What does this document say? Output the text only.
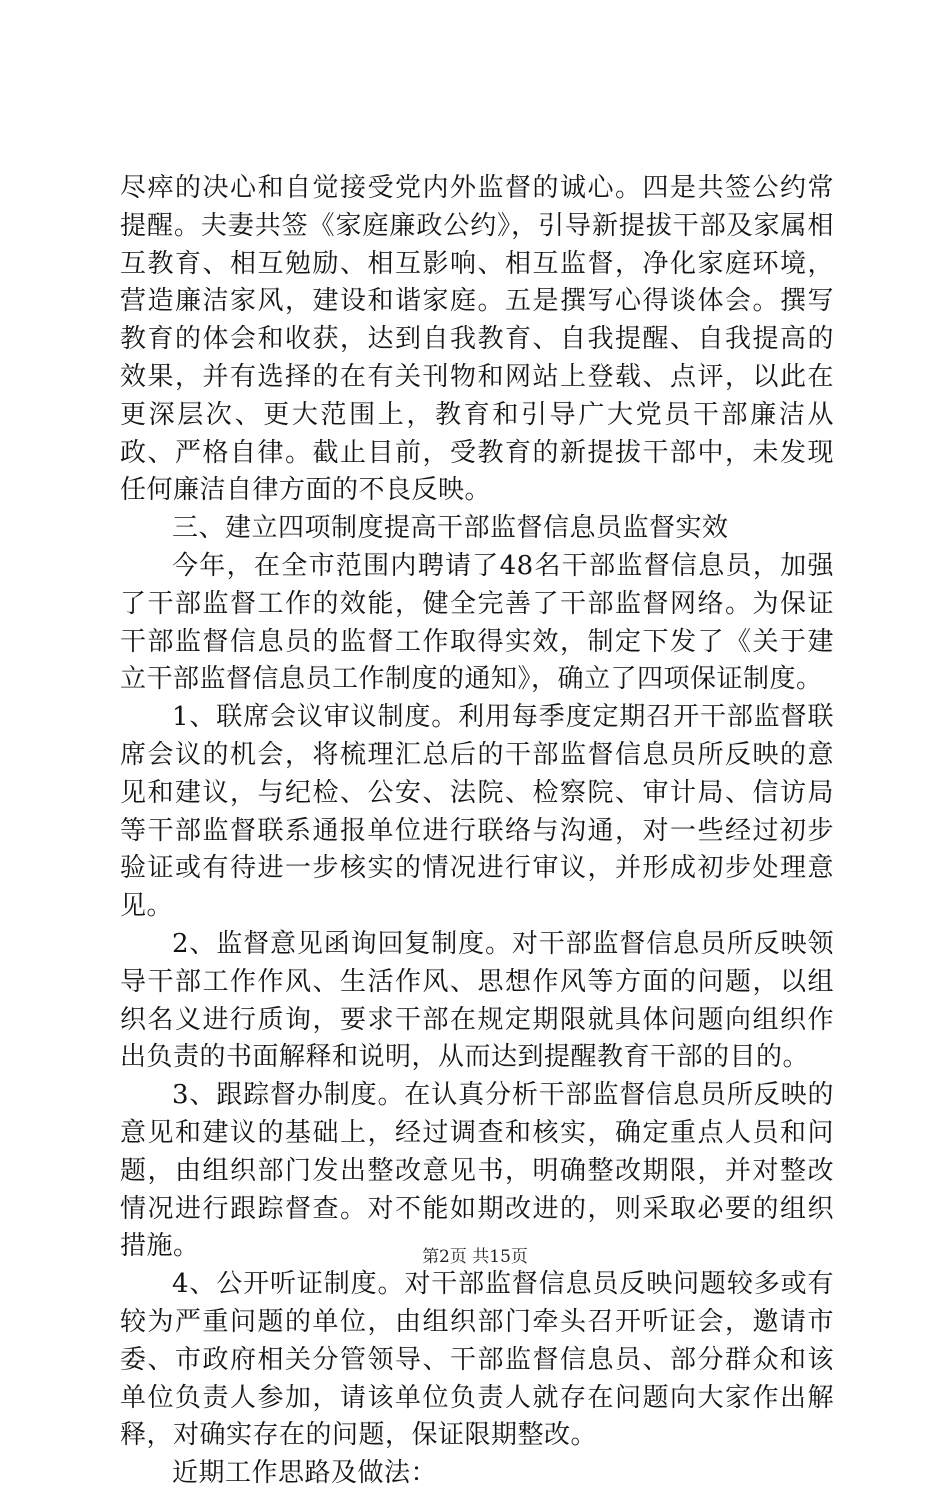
尽瘁的决心和自觉接受党内外监督的诚心。四是共签公约常提醒。夫妻共签《家庭廉政公约》，引导新提拔干部及家属相互教育、相互勉励、相互影响、相互监督，净化家庭环境，营造廉洁家风，建设和谐家庭。五是撰写心得谈体会。撰写教育的体会和收获，达到自我教育、自我提醒、自我提高的效果，并有选择的在有关刊物和网站上登载、点评，以此在更深层次、更大范围上，教育和引导广大党员干部廉洁从政、严格自律。截止目前，受教育的新提拔干部中，未发现任何廉洁自律方面的不良反映。

三、建立四项制度提高干部监督信息员监督实效

今年，在全市范围内聘请了48名干部监督信息员，加强了干部监督工作的效能，健全完善了干部监督网络。为保证干部监督信息员的监督工作取得实效，制定下发了《关于建立干部监督信息员工作制度的通知》，确立了四项保证制度。

1、联席会议审议制度。利用每季度定期召开干部监督联席会议的机会，将梳理汇总后的干部监督信息员所反映的意见和建议，与纪检、公安、法院、检察院、审计局、信访局等干部监督联系通报单位进行联络与沟通，对一些经过初步验证或有待进一步核实的情况进行审议，并形成初步处理意见。

2、监督意见函询回复制度。对干部监督信息员所反映领导干部工作作风、生活作风、思想作风等方面的问题，以组织名义进行质询，要求干部在规定期限就具体问题向组织作出负责的书面解释和说明，从而达到提醒教育干部的目的。

3、跟踪督办制度。在认真分析干部监督信息员所反映的意见和建议的基础上，经过调查和核实，确定重点人员和问题，由组织部门发出整改意见书，明确整改期限，并对整改情况进行跟踪督查。对不能如期改进的，则采取必要的组织措施。

4、公开听证制度。对干部监督信息员反映问题较多或有较为严重问题的单位，由组织部门牵头召开听证会，邀请市委、市政府相关分管领导、干部监督信息员、部分群众和该单位负责人参加，请该单位负责人就存在问题向大家作出解释，对确实存在的问题，保证限期整改。

近期工作思路及做法：

第2页 共15页
